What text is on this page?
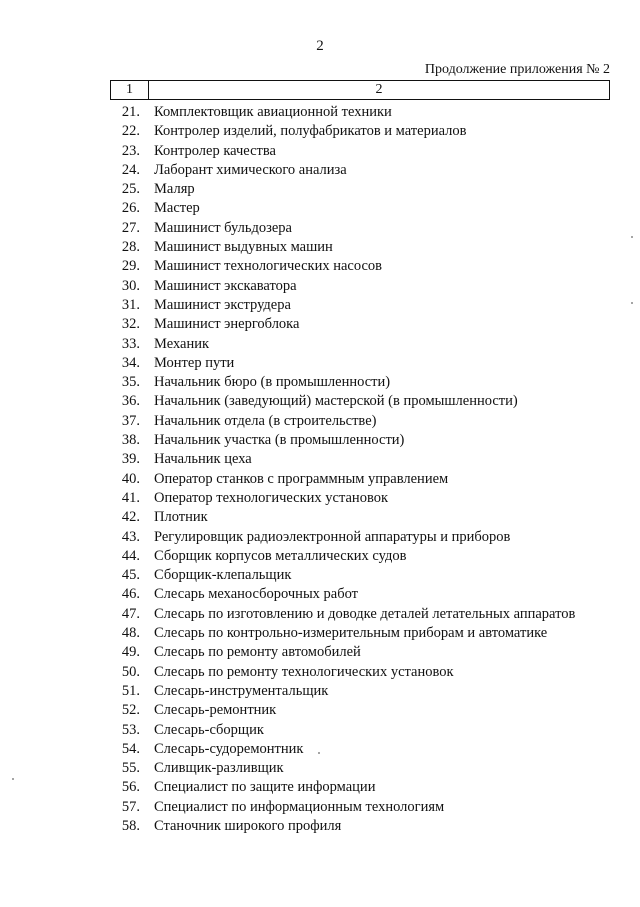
2
Продолжение приложения № 2
1	2
21. Комплектовщик авиационной техники
22. Контролер изделий, полуфабрикатов и материалов
23. Контролер качества
24. Лаборант химического анализа
25. Маляр
26. Мастер
27. Машинист бульдозера
28. Машинист выдувных машин
29. Машинист технологических насосов
30. Машинист экскаватора
31. Машинист экструдера
32. Машинист энергоблока
33. Механик
34. Монтер пути
35. Начальник бюро (в промышленности)
36. Начальник (заведующий) мастерской (в промышленности)
37. Начальник отдела (в строительстве)
38. Начальник участка (в промышленности)
39. Начальник цеха
40. Оператор станков с программным управлением
41. Оператор технологических установок
42. Плотник
43. Регулировщик радиоэлектронной аппаратуры и приборов
44. Сборщик корпусов металлических судов
45. Сборщик-клепальщик
46. Слесарь механосборочных работ
47. Слесарь по изготовлению и доводке деталей летательных аппаратов
48. Слесарь по контрольно-измерительным приборам и автоматике
49. Слесарь по ремонту автомобилей
50. Слесарь по ремонту технологических установок
51. Слесарь-инструментальщик
52. Слесарь-ремонтник
53. Слесарь-сборщик
54. Слесарь-судоремонтник
55. Сливщик-разливщик
56. Специалист по защите информации
57. Специалист по информационным технологиям
58. Станочник широкого профиля
